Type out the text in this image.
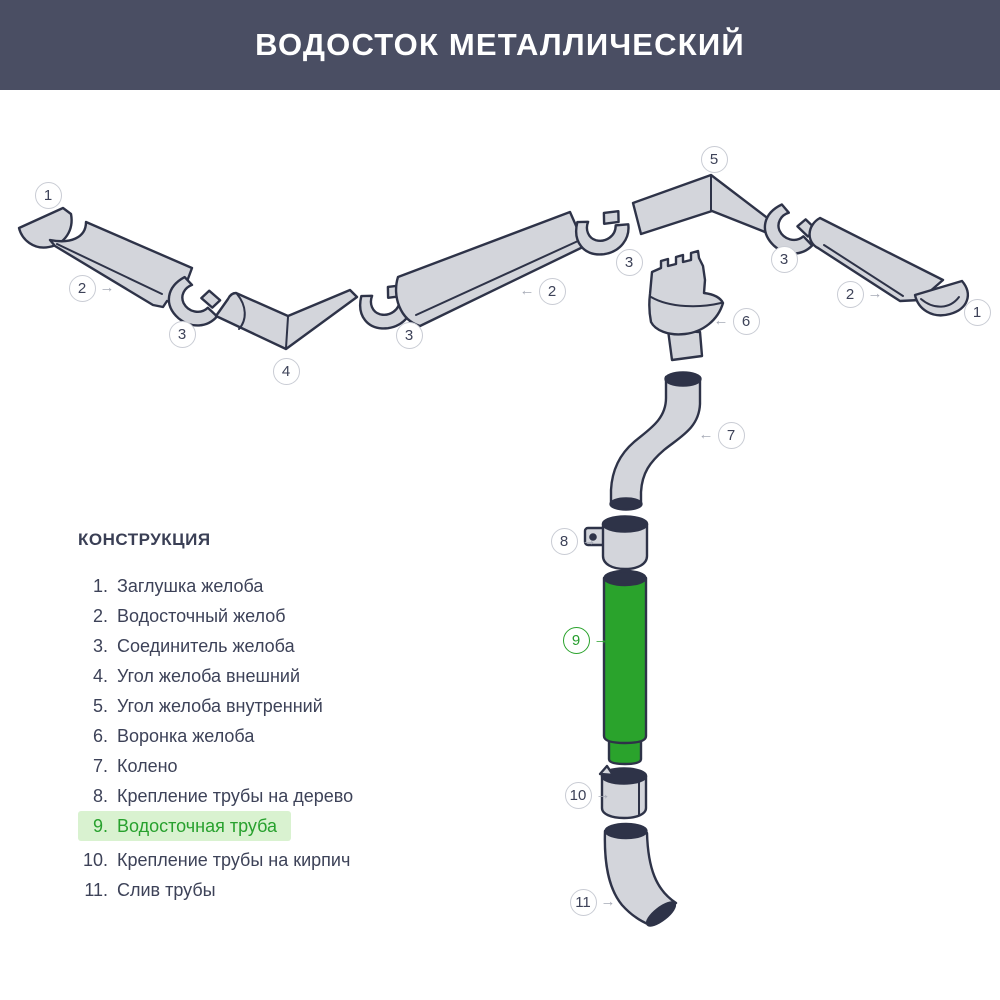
ВОДОСТОК МЕТАЛЛИЧЕСКИЙ
1
2 →
3
4
3
← 2
3
5
3
2 →
1
← 6
← 7
8 →
9 →
10 →
11 →
КОНСТРУКЦИЯ
1. Заглушка желоба
2. Водосточный желоб
3. Соединитель желоба
4. Угол желоба внешний
5. Угол желоба внутренний
6. Воронка желоба
7. Колено
8. Крепление трубы на дерево
9. Водосточная труба
10. Крепление трубы на кирпич
11. Слив трубы
